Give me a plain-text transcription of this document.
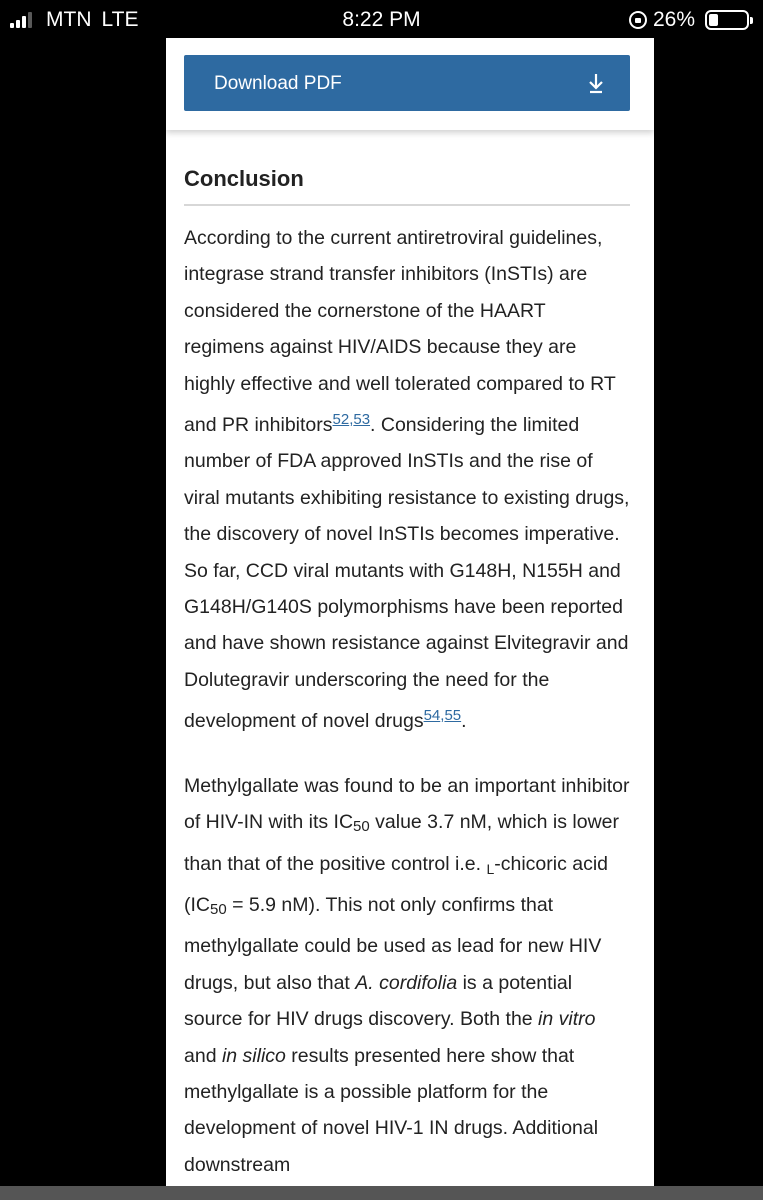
MTN LTE	8:22 PM	26%
Download PDF
Conclusion

According to the current antiretroviral guidelines, integrase strand transfer inhibitors (InSTIs) are considered the cornerstone of the HAART regimens against HIV/AIDS because they are highly effective and well tolerated compared to RT and PR inhibitors$^{52,53}$. Considering the limited number of FDA approved InSTIs and the rise of viral mutants exhibiting resistance to existing drugs, the discovery of novel InSTIs becomes imperative. So far, CCD viral mutants with G148H, N155H and G148H/G140S polymorphisms have been reported and have shown resistance against Elvitegravir and Dolutegravir underscoring the need for the development of novel drugs$^{54,55}$.

Methylgallate was found to be an important inhibitor of HIV-IN with its $IC_{50}$ value 3.7 nM, which is lower than that of the positive control i.e. $_L$-chicoric acid ($IC_{50} = 5.9$ nM). This not only confirms that methylgallate could be used as lead for new HIV drugs, but also that A. cordifolia is a potential source for HIV drugs discovery. Both the in vitro and in silico results presented here show that methylgallate is a possible platform for the development of novel HIV-1 IN drugs. Additional downstream
